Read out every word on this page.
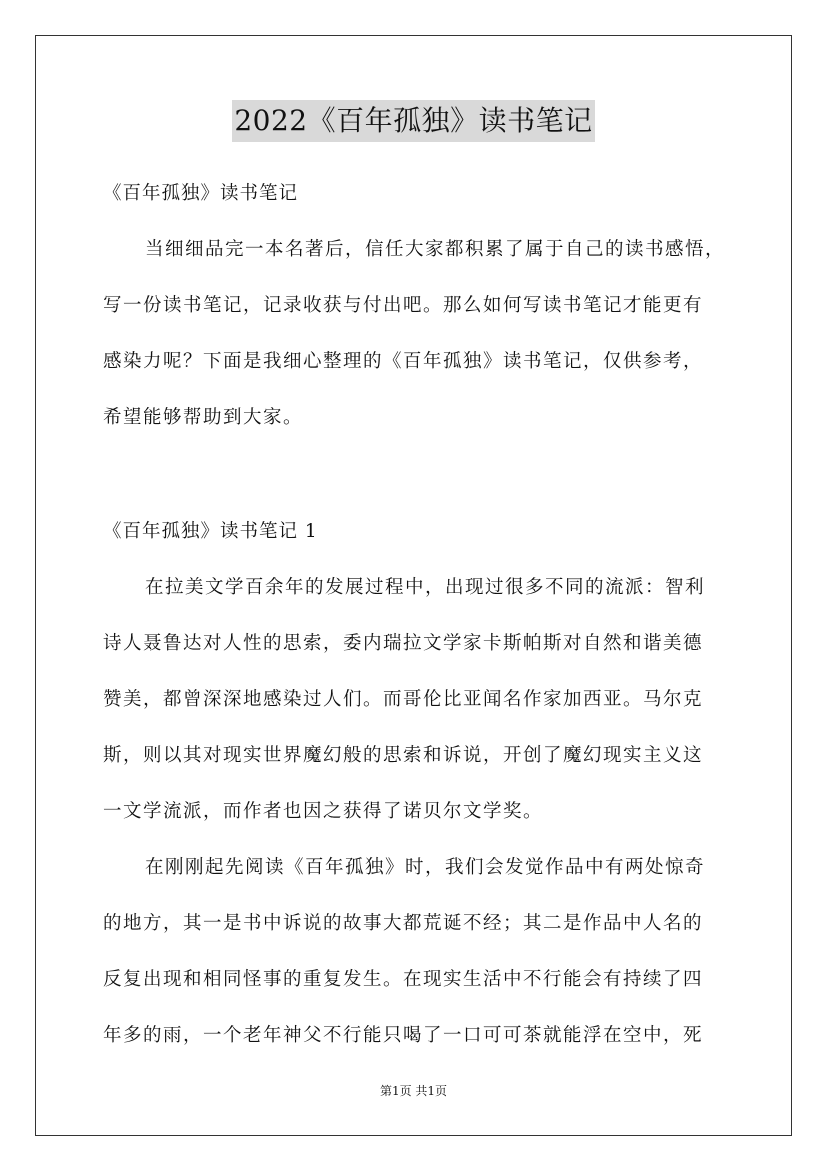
2022《百年孤独》读书笔记
《百年孤独》读书笔记
当细细品完一本名著后，信任大家都积累了属于自己的读书感悟，
写一份读书笔记，记录收获与付出吧。那么如何写读书笔记才能更有
感染力呢？下面是我细心整理的《百年孤独》读书笔记，仅供参考，
希望能够帮助到大家。
《百年孤独》读书笔记 1
在拉美文学百余年的发展过程中，出现过很多不同的流派：智利
诗人聂鲁达对人性的思索，委内瑞拉文学家卡斯帕斯对自然和谐美德
赞美，都曾深深地感染过人们。而哥伦比亚闻名作家加西亚。马尔克
斯，则以其对现实世界魔幻般的思索和诉说，开创了魔幻现实主义这
一文学流派，而作者也因之获得了诺贝尔文学奖。
在刚刚起先阅读《百年孤独》时，我们会发觉作品中有两处惊奇
的地方，其一是书中诉说的故事大都荒诞不经；其二是作品中人名的
反复出现和相同怪事的重复发生。在现实生活中不行能会有持续了四
年多的雨，一个老年神父不行能只喝了一口可可茶就能浮在空中，死
第1页 共1页
